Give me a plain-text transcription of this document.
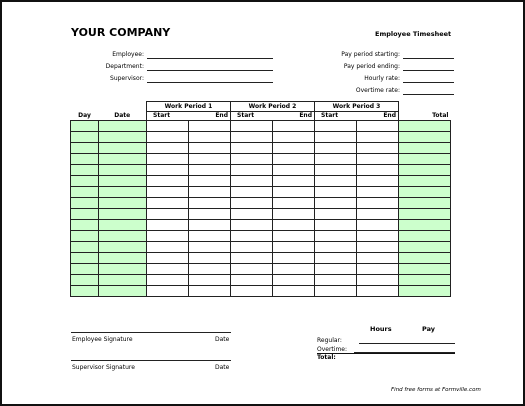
YOUR COMPANY	Employee Timesheet
Employee:
Department:
Supervisor:
Pay period starting:
Pay period ending:
Hourly rate:
Overtime rate:
		Work Period 1		Work Period 2		Work Period 3		
Day	Date	Start	End	Start	End	Start	End	Total

Employee Signature	Date
Supervisor Signature	Date
Hours	Pay
Regular:
Overtime:
Total:
Find free forms at Formville.com
